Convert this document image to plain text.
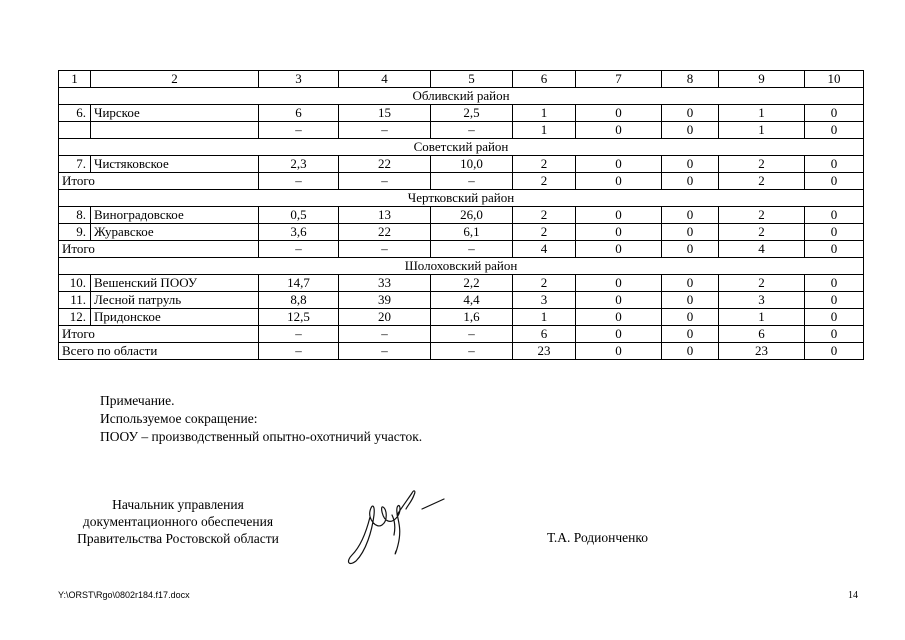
1	2	3	4	5	6	7	8	9	10
Обливский район									
6.	Чирское	6	15	2,5	1	0	0	1	0
		–	–	–	1	0	0	1	0
Советский район									
7.	Чистяковское	2,3	22	10,0	2	0	0	2	0
Итого		–	–	–	2	0	0	2	0
Чертковский район									
8.	Виноградовское	0,5	13	26,0	2	0	0	2	0
9.	Журавское	3,6	22	6,1	2	0	0	2	0
Итого		–	–	–	4	0	0	4	0
Шолоховский район									
10.	Вешенский ПООУ	14,7	33	2,2	2	0	0	2	0
11.	Лесной патруль	8,8	39	4,4	3	0	0	3	0
12.	Придонское	12,5	20	1,6	1	0	0	1	0
Итого		–	–	–	6	0	0	6	0
Всего по области		–	–	–	23	0	0	23	0
Примечание.
Используемое сокращение:
ПООУ – производственный опытно-охотничий участок.
Начальник управления
документационного обеспечения
Правительства Ростовской области	Т.А. Родионченко
Y:\ORST\Rgo\0802r184.f17.docx	14
